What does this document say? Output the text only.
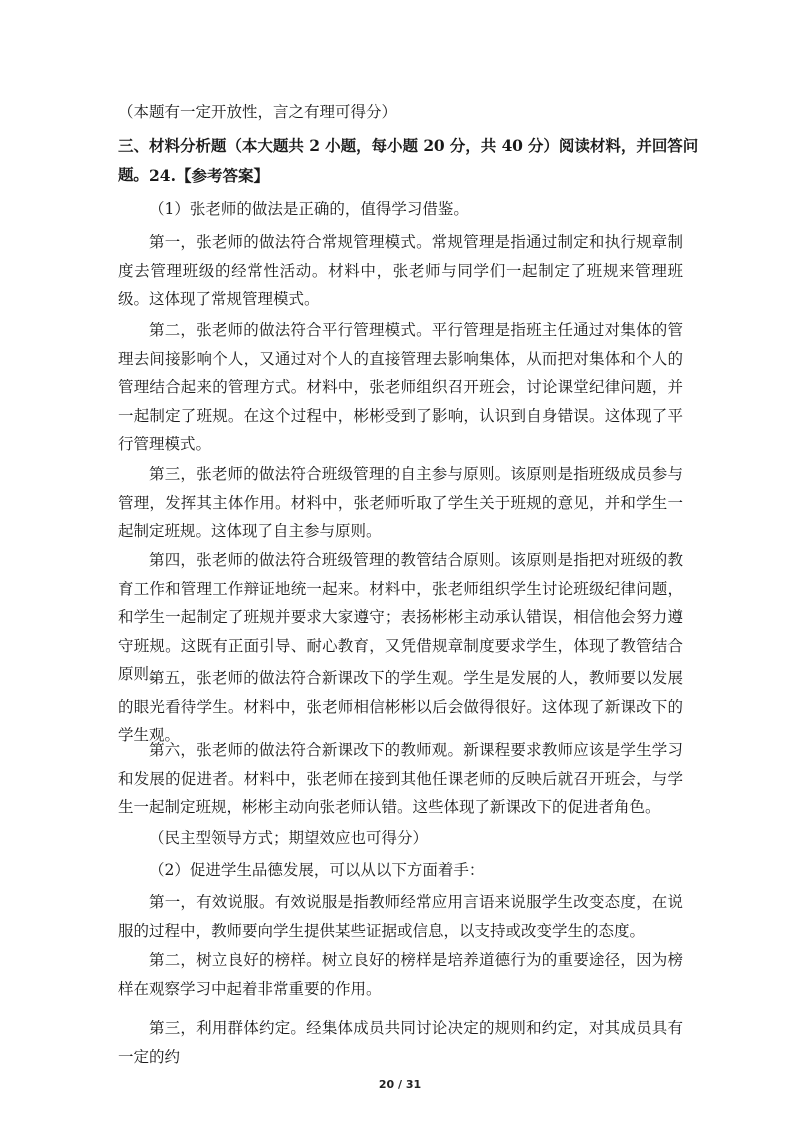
（本题有一定开放性，言之有理可得分）

三、材料分析题（本大题共 2 小题，每小题 20 分，共 40 分）阅读材料，并回答问题。 24.【参考答案】

（1）张老师的做法是正确的，值得学习借鉴。

第一，张老师的做法符合常规管理模式。常规管理是指通过制定和执行规章制度去管理班级的经常性活动。材料中，张老师与同学们一起制定了班规来管理班级。这体现了常规管理模式。

第二，张老师的做法符合平行管理模式。平行管理是指班主任通过对集体的管理去间接影响个人，又通过对个人的直接管理去影响集体，从而把对集体和个人的管理结合起来的管理方式。材料中，张老师组织召开班会，讨论课堂纪律问题，并一起制定了班规。在这个过程中，彬彬受到了影响，认识到自身错误。这体现了平行管理模式。

第三，张老师的做法符合班级管理的自主参与原则。该原则是指班级成员参与管理，发挥其主体作用。材料中，张老师听取了学生关于班规的意见，并和学生一起制定班规。这体现了自主参与原则。

第四，张老师的做法符合班级管理的教管结合原则。该原则是指把对班级的教育工作和管理工作辩证地统一起来。材料中，张老师组织学生讨论班级纪律问题，和学生一起制定了班规并要求大家遵守；表扬彬彬主动承认错误，相信他会努力遵守班规。这既有正面引导、耐心教育，又凭借规章制度要求学生，体现了教管结合原则。

第五，张老师的做法符合新课改下的学生观。学生是发展的人，教师要以发展的眼光看待学生。材料中，张老师相信彬彬以后会做得很好。这体现了新课改下的学生观。

第六，张老师的做法符合新课改下的教师观。新课程要求教师应该是学生学习和发展的促进者。材料中，张老师在接到其他任课老师的反映后就召开班会，与学生一起制定班规，彬彬主动向张老师认错。这些体现了新课改下的促进者角色。

（民主型领导方式；期望效应也可得分）

（2）促进学生品德发展，可以从以下方面着手：

第一，有效说服。有效说服是指教师经常应用言语来说服学生改变态度，在说服的过程中，教师要向学生提供某些证据或信息，以支持或改变学生的态度。

第二，树立良好的榜样。树立良好的榜样是培养道德行为的重要途径，因为榜样在观察学习中起着非常重要的作用。

第三，利用群体约定。经集体成员共同讨论决定的规则和约定，对其成员具有一定的约

20 / 31
